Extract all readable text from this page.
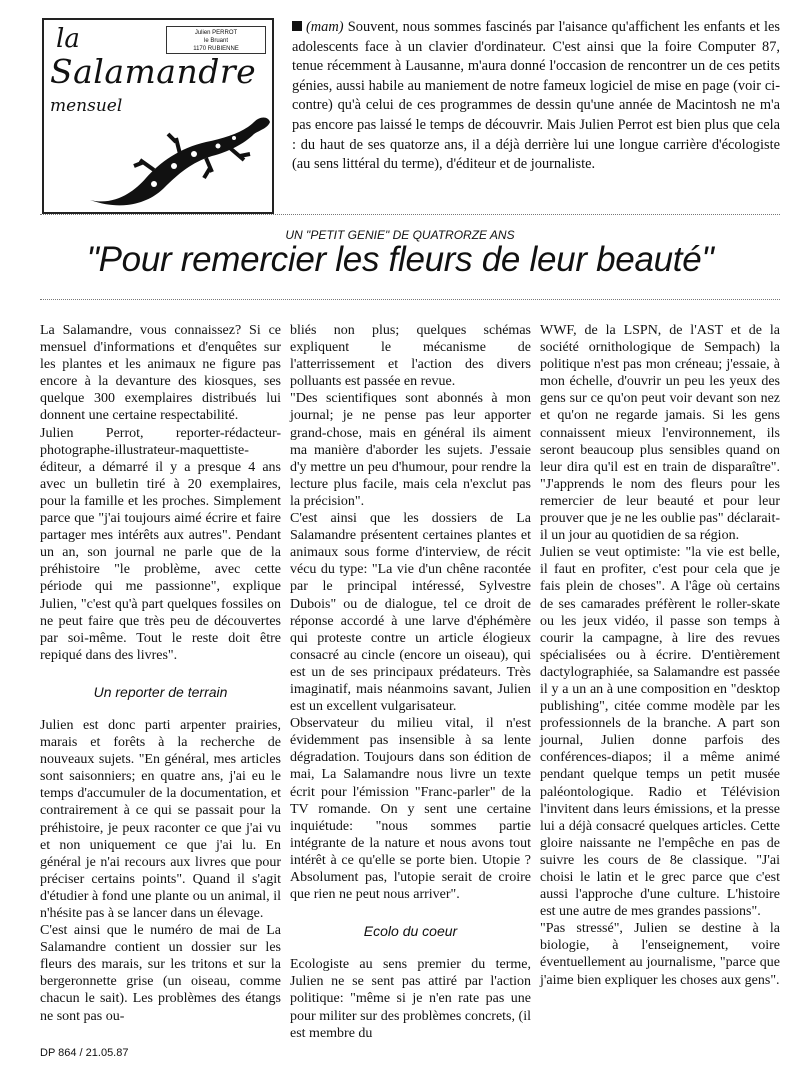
la
Salamandre
mensuel
Julien PERROT
le Bruant
1170 RUBIENNE
(mam) Souvent, nous sommes fascinés par l'aisance qu'affichent les enfants et les adolescents face à un clavier d'ordinateur. C'est ainsi que la foire Computer 87, tenue récemment à Lausanne, m'aura donné l'occasion de rencontrer un de ces petits génies, aussi habile au maniement de notre fameux logiciel de mise en page (voir ci-contre) qu'à celui de ces programmes de dessin qu'une année de Macintosh ne m'a pas encore pas laissé le temps de découvrir. Mais Julien Perrot est bien plus que cela : du haut de ses quatorze ans, il a déjà derrière lui une longue carrière d'écologiste (au sens littéral du terme), d'éditeur et de journaliste.
UN "PETIT GENIE" DE QUATRORZE ANS
"Pour remercier les fleurs de leur beauté"

La Salamandre, vous connaissez? Si ce mensuel d'informations et d'enquêtes sur les plantes et les animaux ne figure pas encore à la devanture des kiosques, ses quelque 300 exemplaires distribués lui donnent une certaine respectabilité.

Julien Perrot, reporter-rédacteur-photographe-illustrateur-maquettiste-éditeur, a démarré il y a presque 4 ans avec un bulletin tiré à 20 exemplaires, pour la famille et les proches. Simplement parce que "j'ai toujours aimé écrire et faire partager mes intérêts aux autres". Pendant un an, son journal ne parle que de la préhistoire "le problème, avec cette période qui me passionne", explique Julien, "c'est qu'à part quelques fossiles on ne peut faire que très peu de découvertes par soi-même. Tout le reste doit être repiqué dans des livres".

Un reporter de terrain

Julien est donc parti arpenter prairies, marais et forêts à la recherche de nouveaux sujets. "En général, mes articles sont saisonniers; en quatre ans, j'ai eu le temps d'accumuler de la documentation, et contrairement à ce qui se passait pour la préhistoire, je peux raconter ce que j'ai vu et non uniquement ce que j'ai lu. En général je n'ai recours aux livres que pour préciser certains points". Quand il s'agit d'étudier à fond une plante ou un animal, il n'hésite pas à se lancer dans un élevage.

C'est ainsi que le numéro de mai de La Salamandre contient un dossier sur les fleurs des marais, sur les tritons et sur la bergeronnette grise (un oiseau, comme chacun le sait). Les problèmes des étangs ne sont pas ou-

bliés non plus; quelques schémas expliquent le mécanisme de l'atterrissement et l'action des divers polluants est passée en revue.

"Des scientifiques sont abonnés à mon journal; je ne pense pas leur apporter grand-chose, mais en général ils aiment ma manière d'aborder les sujets. J'essaie d'y mettre un peu d'humour, pour rendre la lecture plus facile, mais cela n'exclut pas la précision".

C'est ainsi que les dossiers de La Salamandre présentent certaines plantes et animaux sous forme d'interview, de récit vécu du type: "La vie d'un chêne racontée par le principal intéressé, Sylvestre Dubois" ou de dialogue, tel ce droit de réponse accordé à une larve d'éphémère qui proteste contre un article élogieux consacré au cincle (encore un oiseau), qui est un de ses principaux prédateurs. Très imaginatif, mais néanmoins savant, Julien est un excellent vulgarisateur.

Observateur du milieu vital, il n'est évidemment pas insensible à sa lente dégradation. Toujours dans son édition de mai, La Salamandre nous livre un texte écrit pour l'émission "Franc-parler" de la TV romande. On y sent une certaine inquiétude: "nous sommes partie intégrante de la nature et nous avons tout intérêt à ce qu'elle se porte bien. Utopie ? Absolument pas, l'utopie serait de croire que rien ne peut nous arriver".

Ecolo du coeur

Ecologiste au sens premier du terme, Julien ne se sent pas attiré par l'action politique: "même si je n'en rate pas une pour militer sur des problèmes concrets, (il est membre du

WWF, de la LSPN, de l'AST et de la société ornithologique de Sempach) la politique n'est pas mon créneau; j'essaie, à mon échelle, d'ouvrir un peu les yeux des gens sur ce qu'on peut voir devant son nez et qu'on ne regarde jamais. Si les gens connaissent mieux l'environnement, ils seront beaucoup plus sensibles quand on leur dira qu'il est en train de disparaître". "J'apprends le nom des fleurs pour les remercier de leur beauté et pour leur prouver que je ne les oublie pas" déclarait-il un jour au quotidien de sa région.

Julien se veut optimiste: "la vie est belle, il faut en profiter, c'est pour cela que je fais plein de choses". A l'âge où certains de ses camarades préfèrent le roller-skate ou les jeux vidéo, il passe son temps à courir la campagne, à lire des revues spécialisées ou à écrire. D'entièrement dactylographiée, sa Salamandre est passée il y a un an à une composition en "desktop publishing", citée comme modèle par les professionnels de la branche. A part son journal, Julien donne parfois des conférences-diapos; il a même animé pendant quelque temps un petit musée paléontologique. Radio et Télévision l'invitent dans leurs émissions, et la presse lui a déjà consacré quelques articles. Cette gloire naissante ne l'empêche en pas de suivre les cours de 8e classique. "J'ai choisi le latin et le grec parce que c'est aussi l'approche d'une culture. L'histoire est une autre de mes grandes passions".

"Pas stressé", Julien se destine à la biologie, à l'enseignement, voire éventuellement au journalisme, "parce que j'aime bien expliquer les choses aux gens".

DP 864 / 21.05.87
